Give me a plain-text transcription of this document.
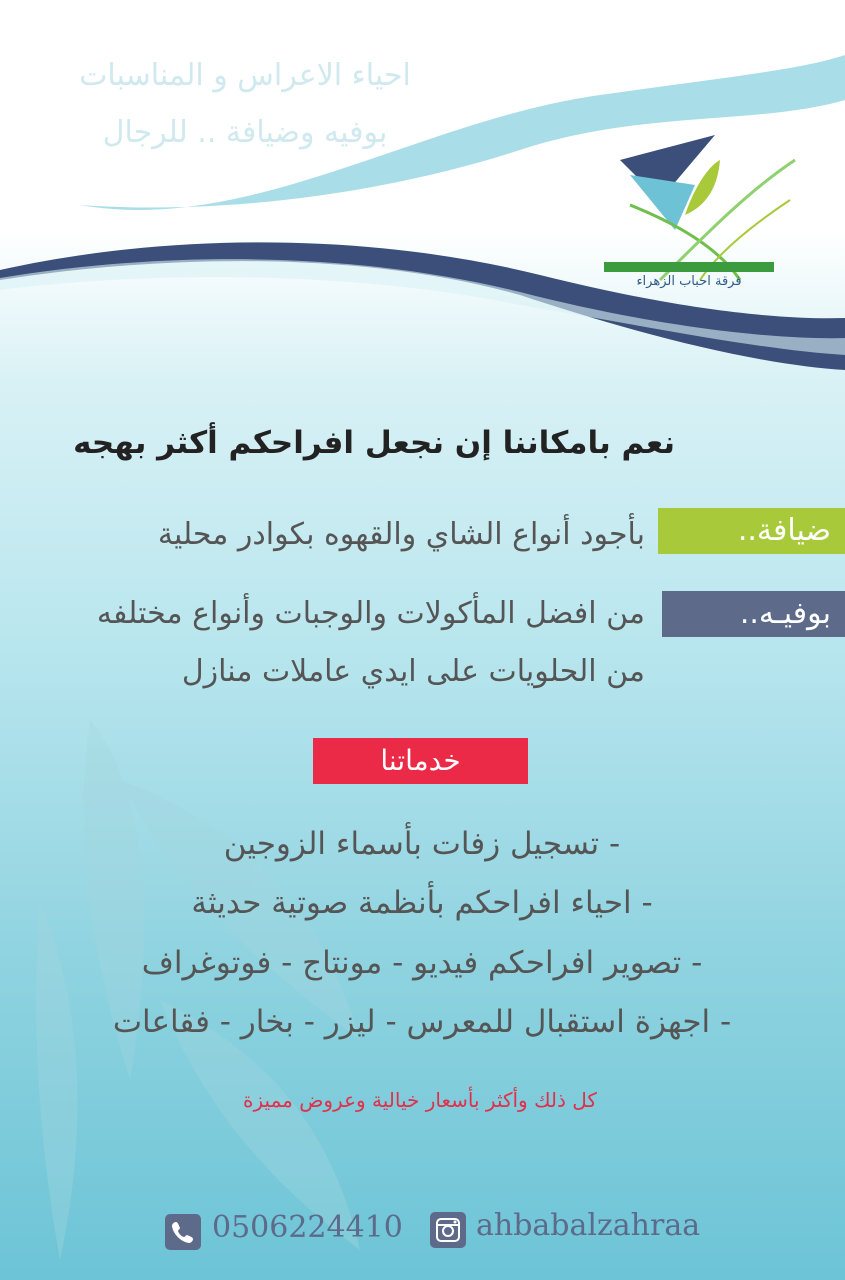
احياء الاعراس و المناسبات
بوفيه وضيافة .. للرجال
فرقة احباب الزهراء
نعم بامكاننا إن نجعل افراحكم أكثر بهجه
ضيافة..
بأجود أنواع الشاي والقهوه بكوادر محلية
بوفيـه..
من افضل المأكولات والوجبات وأنواع مختلفه
من الحلويات على ايدي عاملات منازل
خدماتنا
- تسجيل زفات بأسماء الزوجين
- احياء افراحكم بأنظمة صوتية حديثة
- تصوير افراحكم فيديو - مونتاج - فوتوغراف
- اجهزة استقبال للمعرس - ليزر - بخار - فقاعات
كل ذلك وأكثر بأسعار خيالية وعروض مميزة
0506224410 ahbabalzahraa
